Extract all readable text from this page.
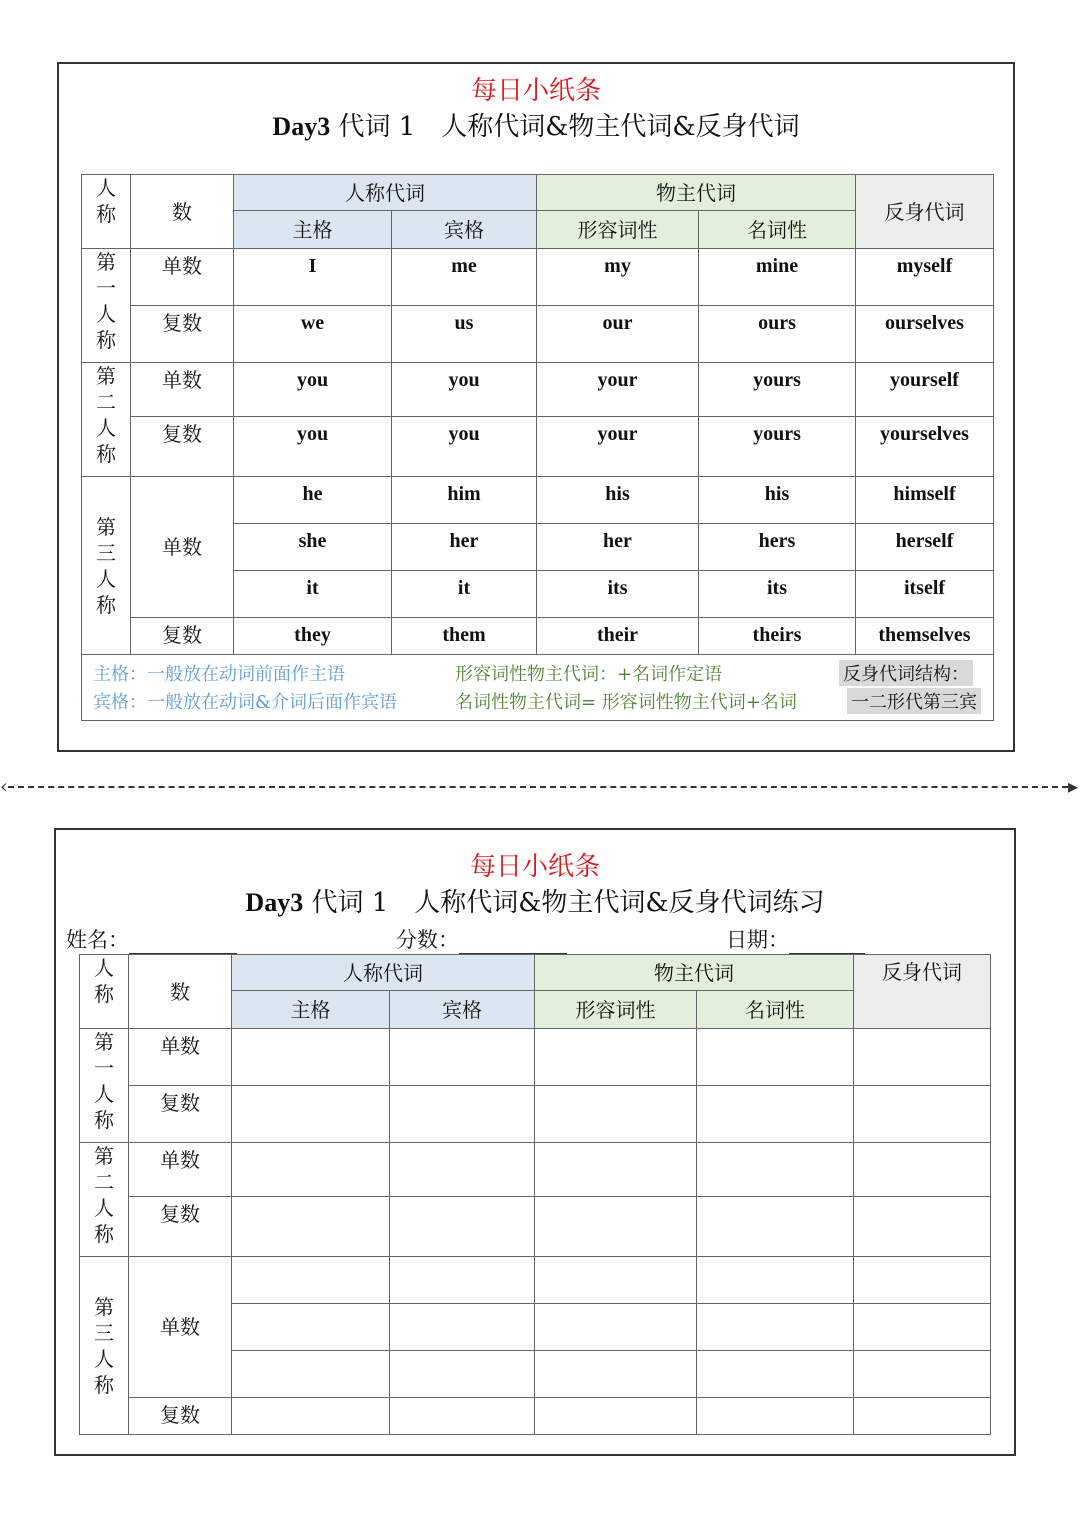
每日小纸条
Day3 代词 1　人称代词&物主代词&反身代词
人
称	数	人称代词		物主代词		反身代词
		主格	宾格	形容词性	名词性	

第
一
人
称	单数	I	me	my	mine	myself
	复数	we	us	our	ours	ourselves

第
二
人
称	单数	you	you	your	yours	yourself
	复数	you	you	your	yours	yourselves

第
三
人
称	单数	he	him	his	his	himself
		she	her	her	hers	herself
		it	it	its	its	itself
	复数	they	them	their	theirs	themselves

主格：一般放在动词前面作主语
宾格：一般放在动词&介词后面作宾语
形容词性物主代词：+名词作定语
名词性物主代词= 形容词性物主代词+名词
反身代词结构：
一二形代第三宾
‹	▸
每日小纸条
Day3 代词 1　人称代词&物主代词&反身代词练习
姓名：	分数：	日期：
人
称	数	人称代词		物主代词		反身代词
		主格	宾格	形容词性	名词性	

第
一
人
称	单数					
	复数					

第
二
人
称	单数					
	复数					

第
三
人
称	单数					

	复数					
